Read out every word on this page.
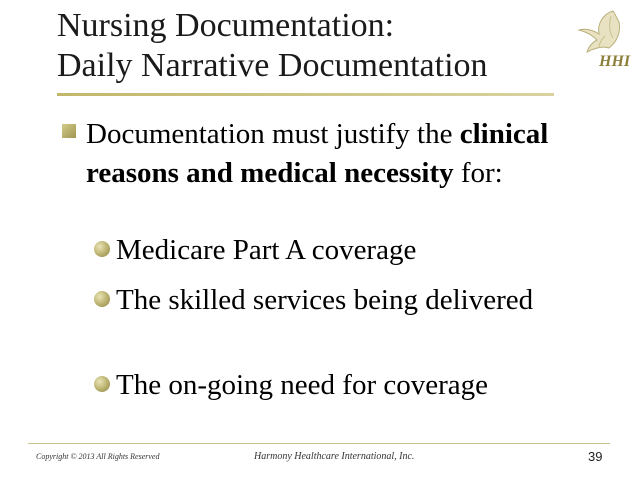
Nursing Documentation:
Daily Narrative Documentation	HHI
Documentation must justify the clinical reasons and medical necessity for:
Medicare Part A coverage
The skilled services being delivered
The on-going need for coverage
Copyright © 2013 All Rights Reserved	Harmony Healthcare International, Inc.	39
